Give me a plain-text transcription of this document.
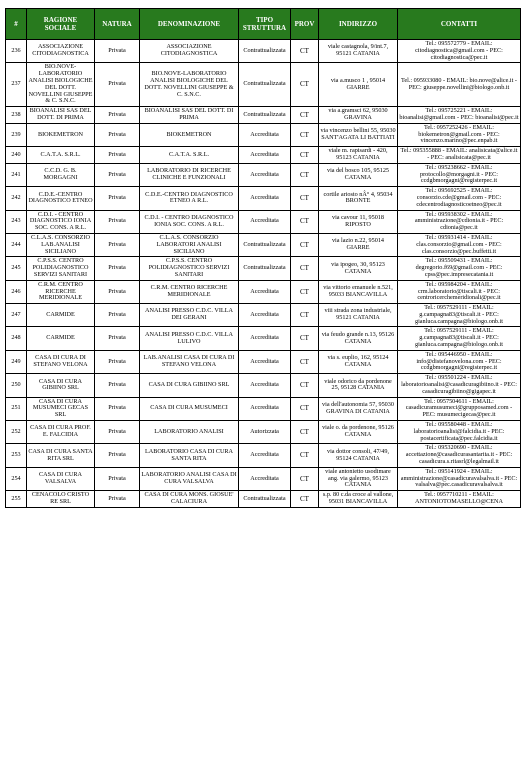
#	RAGIONE SOCIALE	NATURA	DENOMINAZIONE	TIPO STRUTTURA	PROV	INDIRIZZO	CONTATTI
236	ASSOCIAZIONE CITODIAGNOSTICA	Privata	ASSOCIAZIONE CITODIAGNOSTICA	Contrattualizzata	CT	viale castagnola, 9/int.7, 95121 CATANIA	Tel.: 095572779 - EMAIL: citodiagnostica@gmail.com - PEC: citodiagnostica@pec.it
237	BIO.NOVE-LABORATORIO ANALISI BIOLOGICHE DEL DOTT. NOVELLINI GIUSEPPE & C. S.N.C.	Privata	BIO.NOVE-LABORATORIO ANALISI BIOLOGICHE DEL DOTT. NOVELLINI GIUSEPPE & C. S.N.C.	Contrattualizzata	CT	via a.musco 1 , 95014 GIARRE	Tel.: 095933080 - EMAIL: bio.nove@alice.it - PEC: giuseppe.novellini@biologo.onb.it
238	BIOANALISI SAS DEL DOTT. DI PRIMA	Privata	BIOANALISI SAS DEL DOTT. DI PRIMA	Contrattualizzata	CT	via a.gramsci 62, 95030 GRAVINA	Tel.: 095725221 - EMAIL: bioanalisi@gmail.com - PEC: bioanalisi@pec.it
239	BIOKEMETRON	Privata	BIOKEMETRON	Accreditata	CT	via vincenzo bellini 55, 95030 SANT'AGATA LI BATTIATI	Tel.: 0957252426 - EMAIL: biokemetron@gmail.com - PEC: vincenzo.marino@pec.enpab.it
240	C.A.T.A. S.R.L.	Privata	C.A.T.A. S.R.L.	Accreditata	CT	viale m. rapisardi - 420, 95123 CATANIA	Tel.: 095355888 - EMAIL: analisicata@alice.it - PEC: analisicata@pec.it
241	C.C.D. G. B. MORGAGNI	Privata	LABORATORIO DI RICERCHE CLINICHE E FUNZIONALI	Accreditata	CT	via del bosco 105, 95125 CATANIA	Tel.: 095238662 - EMAIL: protocollo@morgagni.it - PEC: ccdgbmorgagni@registerpec.it
242	C.D.E.-CENTRO DIAGNOSTICO ETNEO	Privata	C.D.E.-CENTRO DIAGNOSTICO ETNEO A R.L.	Accreditata	CT	cortile ariosto nÂ° 4, 95034 BRONTE	Tel.: 095692525 - EMAIL: consorzio.cde@gmail.com - PEC: cdecentrodiagnosticoetneo@pec.it
243	C.D.I. - CENTRO DIAGNOSTICO IONIA SOC. CONS. A R.L.	Privata	C.D.I. - CENTRO DIAGNOSTICO IONIA SOC. CONS. A R.L.	Accreditata	CT	via cavour 11, 95018 RIPOSTO	Tel.: 095938302 - EMAIL: amministrazione@cdionia.it - PEC: cdionia@pec.it
244	C.L.A.S. CONSORZIO LAB.ANALISI SICILIANO	Privata	C.L.A.S. CONSORZIO LABORATORI ANALISI SICILIANO	Contrattualizzata	CT	via lazio n.22, 95014 GIARRE	Tel.: 095931414 - EMAIL: clas.consorzio@gmail.com - PEC: clas.consorzio@pec.buffetti.it
245	C.P.S.S. CENTRO POLIDIAGNOSTICO SERVIZI SANITARI	Privata	C.P.S.S. CENTRO POLIDIAGNOSTICO SERVIZI SANITARI	Contrattualizzata	CT	via ipogeo, 30, 95123 CATANIA	Tel.: 095509431 - EMAIL: degregorio.f69@gmail.com - PEC: cpss@pec.impresecatania.it
246	C.R.M. CENTRO RICERCHE MERIDIONALE	Privata	C.R.M. CENTRO RICERCHE MERIDIONALE	Accreditata	CT	via vittorio emanuele n.521, 95033 BIANCAVILLA	Tel.: 095984204 - EMAIL: crm.laboratorio@tiscali.it - PEC: centroricerchemeridionali@pec.it
247	CARMIDE	Privata	ANALISI PRESSO C.D.C. VILLA DEI GERANI	Accreditata	CT	viii strada zona industriale, 95121 CATANIA	Tel.: 0957529111 - EMAIL: g.campagna83@tiscali.it - PEC: gianluca.campagna@biologo.onb.it
248	CARMIDE	Privata	ANALISI PRESSO C.D.C. VILLA LULIVO	Accreditata	CT	via feudo grande n.13, 95126 CATANIA	Tel.: 0957529111 - EMAIL: g.campagna83@tiscali.it - PEC: gianluca.campagna@biologo.onb.it
249	CASA DI CURA DI STEFANO VELONA	Privata	LAB.ANALISI CASA DI CURA DI STEFANO VELONA	Accreditata	CT	via s. euplio, 162, 95124 CATANIA	Tel.: 095446950 - EMAIL: info@distefanovelona.com - PEC: ccdgbmorgagni@registerpec.it
250	CASA DI CURA GIBIINO SRL	Privata	CASA DI CURA GIBIINO SRL	Accreditata	CT	viale odorico da pordenone 25, 95128 CATANIA	Tel.: 095501224 - EMAIL: laboratorioanalisi@casadicuragibiino.it - PEC: casadicuragibiino@gigapec.it
251	CASA DI CURA MUSUMECI GECAS SRL	Privata	CASA DI CURA MUSUMECI	Accreditata	CT	via dell'autonomia 57, 95030 GRAVINA DI CATANIA	Tel.: 0957504611 - EMAIL: casadicuramusumeci@grupposamed.com - PEC: musumecigecas@pec.it
252	CASA DI CURA PROF. E. FALCIDIA	Privata	LABORATORIO ANALISI	Autorizzata	CT	viale o. da pordenone, 95126 CATANIA	Tel.: 095580448 - EMAIL: laboratorioanalisi@falcidia.it - PEC: postacertificata@pec.falcidia.it
253	CASA DI CURA SANTA RITA SRL	Privata	LABORATORIO CASA DI CURA SANTA RITA	Accreditata	CT	via dottor consoli, 47/49, 95124 CATANIA	Tel.: 095320690 - EMAIL: accettazione@casadicurasantarita.it - PEC: casadicura.s.ritasrl@legalmail.it
254	CASA DI CURA VALSALVA	Privata	LABORATORIO ANALISI CASA DI CURA VALSALVA	Accreditata	CT	viale antonietto usodimare ang. via galermo, 95123 CATANIA	Tel.: 095141924 - EMAIL: amministrazione@casadicuravalsalva.it - PEC: valsalva@pec.casadicuravalsalva.it
255	CENACOLO CRISTO RE SRL	Privata	CASA DI CURA MONS. GIOSUE' CALACIURA	Contrattualizzata	CT	s.p. 80 c.da croce al vallone, 95031 BIANCAVILLA	Tel.: 0957710211 - EMAIL: ANTONIOTOMASELLO@CENA
